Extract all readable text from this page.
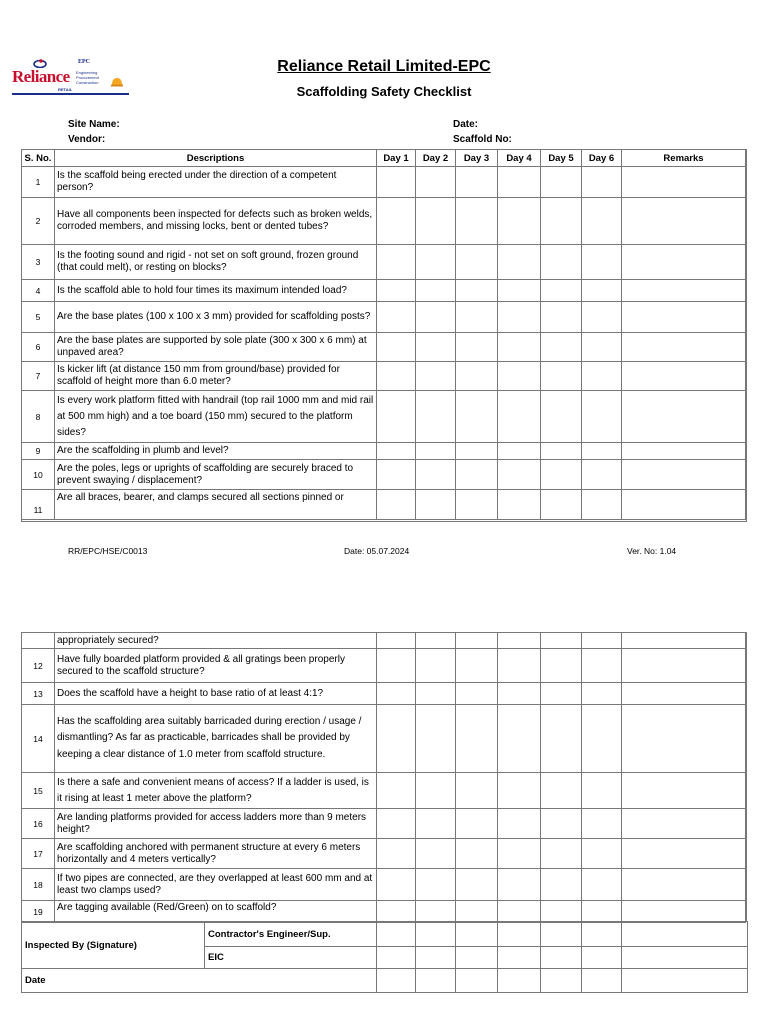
EPC
Reliance Engineering
Procurement
Construction
RETAIL
Reliance Retail Limited-EPC
Scaffolding Safety Checklist
Site Name:
Vendor:
Date:
Scaffold No:
S. No.	Descriptions	Day 1	Day 2	Day 3	Day 4	Day 5	Day 6	Remarks
1	Is the scaffold being erected under the direction of a competent person?							
2	Have all components been inspected for defects such as broken welds, corroded members, and missing locks, bent or dented tubes?							
3	Is the footing sound and rigid - not set on soft ground, frozen ground (that could melt), or resting on blocks?							
4	Is the scaffold able to hold four times its maximum intended load?							
5	Are the base plates (100 x 100 x 3 mm) provided for scaffolding posts?							
6	Are the base plates are supported by sole plate (300 x 300 x 6 mm) at unpaved area?							
7	Is kicker lift (at distance 150 mm from ground/base) provided for scaffold of height more than 6.0 meter?							
8	Is every work platform fitted with handrail (top rail 1000 mm and mid rail at 500 mm high) and a toe board (150 mm) secured to the platform sides?							
9	Are the scaffolding in plumb and level?							
10	Are the poles, legs or uprights of scaffolding are securely braced to prevent swaying / displacement?							
11	Are all braces, bearer, and clamps secured all sections pinned or							
RR/EPC/HSE/C0013	Date: 05.07.2024	Ver. No: 1.04
	appropriately secured?							
12	Have fully boarded platform provided & all gratings been properly secured to the scaffold structure?							
13	Does the scaffold have a height to base ratio of at least 4:1?							
14	Has the scaffolding area suitably barricaded during erection / usage / dismantling? As far as practicable, barricades shall be provided by keeping a clear distance of 1.0 meter from scaffold structure.							
15	Is there a safe and convenient means of access? If a ladder is used, is it rising at least 1 meter above the platform?							
16	Are landing platforms provided for access ladders more than 9 meters height?							
17	Are scaffolding anchored with permanent structure at every 6 meters horizontally and 4 meters vertically?							
18	If two pipes are connected, are they overlapped at least 600 mm and at least two clamps used?							
19	Are tagging available (Red/Green) on to scaffold?							
Inspected By (Signature)	Contractor's Engineer/Sup.							
	EIC							
Date								
